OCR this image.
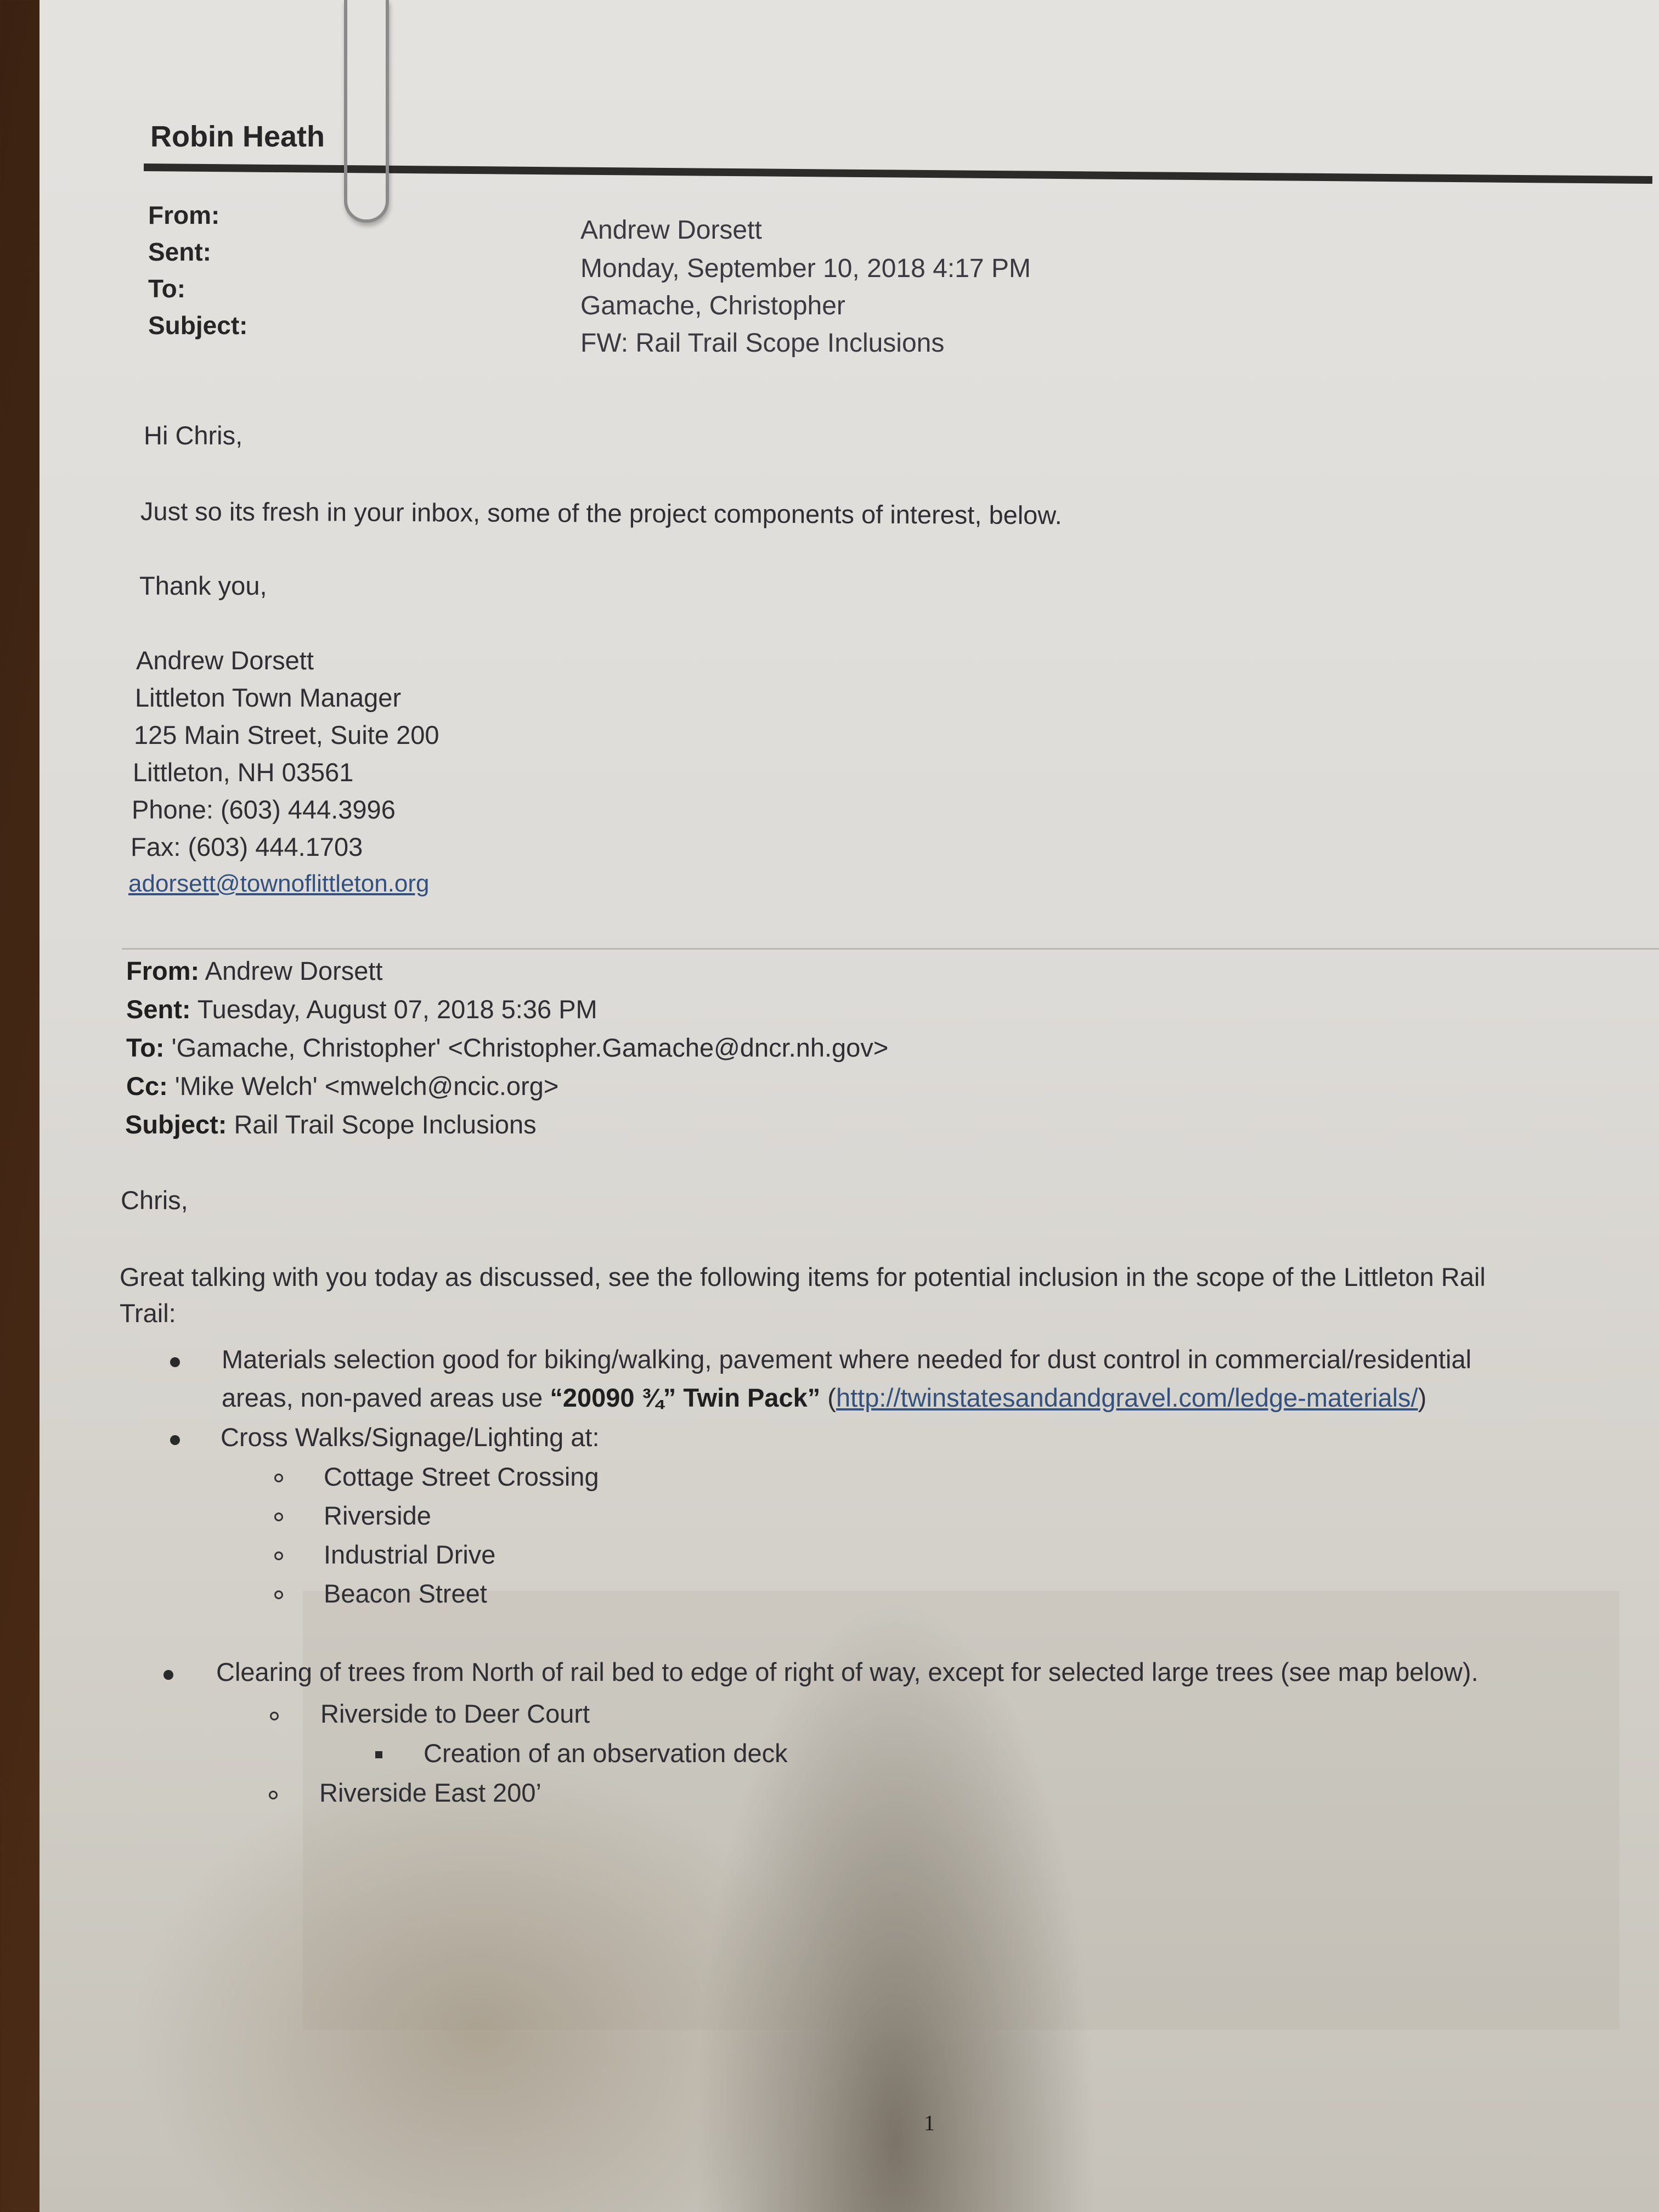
Robin Heath
From:
Sent:
To:
Subject:
Andrew Dorsett
Monday, September 10, 2018 4:17 PM
Gamache, Christopher
FW: Rail Trail Scope Inclusions
Hi Chris,
Just so its fresh in your inbox, some of the project components of interest, below.
Thank you,
Andrew Dorsett
Littleton Town Manager
125 Main Street, Suite 200
Littleton, NH 03561
Phone: (603) 444.3996
Fax: (603) 444.1703
adorsett@townoflittleton.org
From: Andrew Dorsett
Sent: Tuesday, August 07, 2018 5:36 PM
To: 'Gamache, Christopher' <Christopher.Gamache@dncr.nh.gov>
Cc: 'Mike Welch' <mwelch@ncic.org>
Subject: Rail Trail Scope Inclusions
Chris,
Great talking with you today as discussed, see the following items for potential inclusion in the scope of the Littleton Rail
Trail:
Materials selection good for biking/walking, pavement where needed for dust control in commercial/residential
areas, non-paved areas use “20090 ¾” Twin Pack” (http://twinstatesandandgravel.com/ledge-materials/)
Cross Walks/Signage/Lighting at:
Cottage Street Crossing
Riverside
Industrial Drive
Beacon Street
Clearing of trees from North of rail bed to edge of right of way, except for selected large trees (see map below).
Riverside to Deer Court
Creation of an observation deck
Riverside East 200’
1
